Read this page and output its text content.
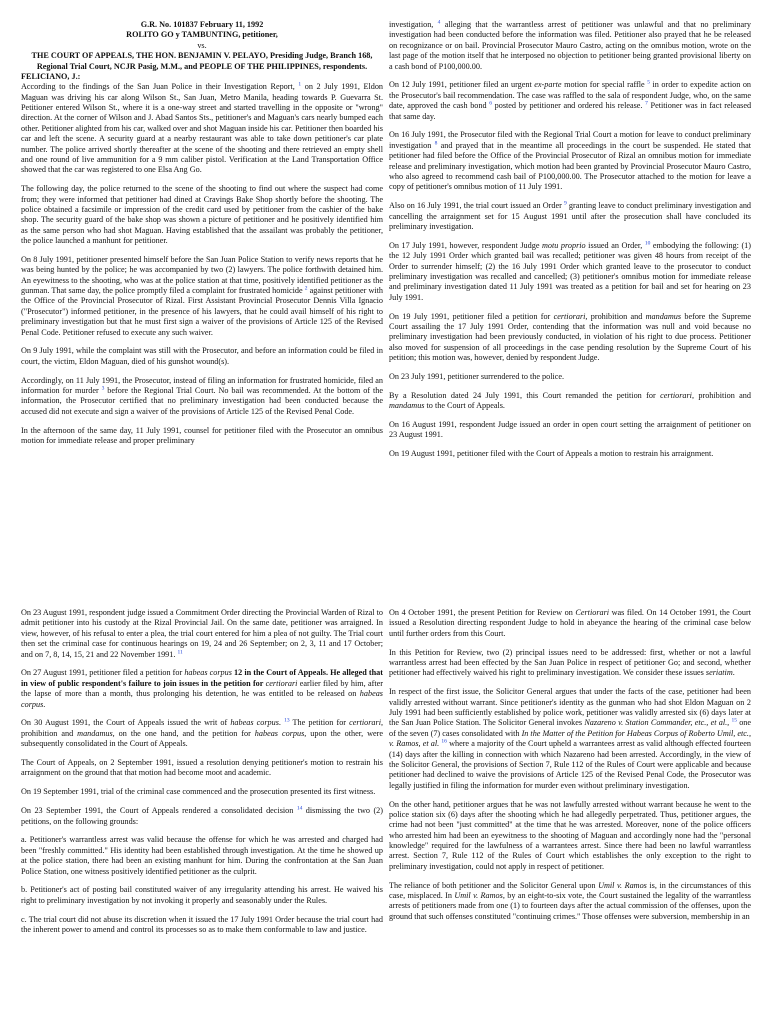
G.R. No. 101837 February 11, 1992

ROLITO GO y TAMBUNTING, petitioner,

vs.

THE COURT OF APPEALS, THE HON. BENJAMIN V. PELAYO, Presiding Judge, Branch 168, Regional Trial Court, NCJR Pasig, M.M., and PEOPLE OF THE PHILIPPINES, respondents.

FELICIANO, J.:

According to the findings of the San Juan Police in their Investigation Report, $^1$ on 2 July 1991, Eldon Maguan was driving his car along Wilson St., San Juan, Metro Manila, heading towards P. Guevarra St. Petitioner entered Wilson St., where it is a one-way street and started travelling in the opposite or "wrong" direction. At the corner of Wilson and J. Abad Santos Sts., petitioner's and Maguan's cars nearly bumped each other. Petitioner alighted from his car, walked over and shot Maguan inside his car. Petitioner then boarded his car and left the scene. A security guard at a nearby restaurant was able to take down petitioner's car plate number. The police arrived shortly thereafter at the scene of the shooting and there retrieved an empty shell and one round of live ammunition for a 9 mm caliber pistol. Verification at the Land Transportation Office showed that the car was registered to one Elsa Ang Go.

The following day, the police returned to the scene of the shooting to find out where the suspect had come from; they were informed that petitioner had dined at Cravings Bake Shop shortly before the shooting. The police obtained a facsimile or impression of the credit card used by petitioner from the cashier of the bake shop. The security guard of the bake shop was shown a picture of petitioner and he positively identified him as the same person who had shot Maguan. Having established that the assailant was probably the petitioner, the police launched a manhunt for petitioner.

On 8 July 1991, petitioner presented himself before the San Juan Police Station to verify news reports that he was being hunted by the police; he was accompanied by two (2) lawyers. The police forthwith detained him. An eyewitness to the shooting, who was at the police station at that time, positively identified petitioner as the gunman. That same day, the police promptly filed a complaint for frustrated homicide $^2$ against petitioner with the Office of the Provincial Prosecutor of Rizal. First Assistant Provincial Prosecutor Dennis Villa Ignacio ("Prosecutor") informed petitioner, in the presence of his lawyers, that he could avail himself of his right to preliminary investigation but that he must first sign a waiver of the provisions of Article 125 of the Revised Penal Code. Petitioner refused to execute any such waiver.

On 9 July 1991, while the complaint was still with the Prosecutor, and before an information could be filed in court, the victim, Eldon Maguan, died of his gunshot wound(s).

Accordingly, on 11 July 1991, the Prosecutor, instead of filing an information for frustrated homicide, filed an information for murder $^3$ before the Regional Trial Court. No bail was recommended. At the bottom of the information, the Prosecutor certified that no preliminary investigation had been conducted because the accused did not execute and sign a waiver of the provisions of Article 125 of the Revised Penal Code.

In the afternoon of the same day, 11 July 1991, counsel for petitioner filed with the Prosecutor an omnibus motion for immediate release and proper preliminary

investigation, $^4$ alleging that the warrantless arrest of petitioner was unlawful and that no preliminary investigation had been conducted before the information was filed. Petitioner also prayed that he be released on recognizance or on bail. Provincial Prosecutor Mauro Castro, acting on the omnibus motion, wrote on the last page of the motion itself that he interposed no objection to petitioner being granted provisional liberty on a cash bond of P100,000.00.

On 12 July 1991, petitioner filed an urgent ex-parte motion for special raffle $^5$ in order to expedite action on the Prosecutor's bail recommendation. The case was raffled to the sala of respondent Judge, who, on the same date, approved the cash bond $^6$ posted by petitioner and ordered his release. $^7$ Petitioner was in fact released that same day.

On 16 July 1991, the Prosecutor filed with the Regional Trial Court a motion for leave to conduct preliminary investigation $^8$ and prayed that in the meantime all proceedings in the court be suspended. He stated that petitioner had filed before the Office of the Provincial Prosecutor of Rizal an omnibus motion for immediate release and preliminary investigation, which motion had been granted by Provincial Prosecutor Mauro Castro, who also agreed to recommend cash bail of P100,000.00. The Prosecutor attached to the motion for leave a copy of petitioner's omnibus motion of 11 July 1991.

Also on 16 July 1991, the trial court issued an Order $^9$ granting leave to conduct preliminary investigation and cancelling the arraignment set for 15 August 1991 until after the prosecution shall have concluded its preliminary investigation.

On 17 July 1991, however, respondent Judge motu proprio issued an Order, $^{10}$ embodying the following: (1) the 12 July 1991 Order which granted bail was recalled; petitioner was given 48 hours from receipt of the Order to surrender himself; (2) the 16 July 1991 Order which granted leave to the prosecutor to conduct preliminary investigation was recalled and cancelled; (3) petitioner's omnibus motion for immediate release and preliminary investigation dated 11 July 1991 was treated as a petition for bail and set for hearing on 23 July 1991.

On 19 July 1991, petitioner filed a petition for certiorari, prohibition and mandamus before the Supreme Court assailing the 17 July 1991 Order, contending that the information was null and void because no preliminary investigation had been previously conducted, in violation of his right to due process. Petitioner also moved for suspension of all proceedings in the case pending resolution by the Supreme Court of his petition; this motion was, however, denied by respondent Judge.

On 23 July 1991, petitioner surrendered to the police.

By a Resolution dated 24 July 1991, this Court remanded the petition for certiorari, prohibition and mandamus to the Court of Appeals.

On 16 August 1991, respondent Judge issued an order in open court setting the arraignment of petitioner on 23 August 1991.

On 19 August 1991, petitioner filed with the Court of Appeals a motion to restrain his arraignment.

On 23 August 1991, respondent judge issued a Commitment Order directing the Provincial Warden of Rizal to admit petitioner into his custody at the Rizal Provincial Jail. On the same date, petitioner was arraigned. In view, however, of his refusal to enter a plea, the trial court entered for him a plea of not guilty. The Trial court then set the criminal case for continuous hearings on 19, 24 and 26 September; on 2, 3, 11 and 17 October; and on 7, 8, 14, 15, 21 and 22 November 1991. $^{11}$

On 27 August 1991, petitioner filed a petition for habeas corpus 12 in the Court of Appeals. He alleged that in view of public respondent's failure to join issues in the petition for certiorari earlier filed by him, after the lapse of more than a month, thus prolonging his detention, he was entitled to be released on habeas corpus.

On 30 August 1991, the Court of Appeals issued the writ of habeas corpus. $^{13}$ The petition for certiorari, prohibition and mandamus, on the one hand, and the petition for habeas corpus, upon the other, were subsequently consolidated in the Court of Appeals.

The Court of Appeals, on 2 September 1991, issued a resolution denying petitioner's motion to restrain his arraignment on the ground that that motion had become moot and academic.

On 19 September 1991, trial of the criminal case commenced and the prosecution presented its first witness.

On 23 September 1991, the Court of Appeals rendered a consolidated decision $^{14}$ dismissing the two (2) petitions, on the following grounds:

a. Petitioner's warrantless arrest was valid because the offense for which he was arrested and charged had been "freshly committed." His identity had been established through investigation. At the time he showed up at the police station, there had been an existing manhunt for him. During the confrontation at the San Juan Police Station, one witness positively identified petitioner as the culprit.

b. Petitioner's act of posting bail constituted waiver of any irregularity attending his arrest. He waived his right to preliminary investigation by not invoking it properly and seasonably under the Rules.

c. The trial court did not abuse its discretion when it issued the 17 July 1991 Order because the trial court had the inherent power to amend and control its processes so as to make them conformable to law and justice.

On 4 October 1991, the present Petition for Review on Certiorari was filed. On 14 October 1991, the Court issued a Resolution directing respondent Judge to hold in abeyance the hearing of the criminal case below until further orders from this Court.

In this Petition for Review, two (2) principal issues need to be addressed: first, whether or not a lawful warrantless arrest had been effected by the San Juan Police in respect of petitioner Go; and second, whether petitioner had effectively waived his right to preliminary investigation. We consider these issues seriatim.

In respect of the first issue, the Solicitor General argues that under the facts of the case, petitioner had been validly arrested without warrant. Since petitioner's identity as the gunman who had shot Eldon Maguan on 2 July 1991 had been sufficiently established by police work, petitioner was validly arrested six (6) days later at the San Juan Police Station. The Solicitor General invokes Nazareno v. Station Commander, etc., et al., $^{15}$ one of the seven (7) cases consolidated with In the Matter of the Petition for Habeas Corpus of Roberto Umil, etc., v. Ramos, et al. $^{16}$ where a majority of the Court upheld a warrantees arrest as valid although effected fourteen (14) days after the killing in connection with which Nazareno had been arrested. Accordingly, in the view of the Solicitor General, the provisions of Section 7, Rule 112 of the Rules of Court were applicable and because petitioner had declined to waive the provisions of Article 125 of the Revised Penal Code, the Prosecutor was legally justified in filing the information for murder even without preliminary investigation.

On the other hand, petitioner argues that he was not lawfully arrested without warrant because he went to the police station six (6) days after the shooting which he had allegedly perpetrated. Thus, petitioner argues, the crime had not been "just committed" at the time that he was arrested. Moreover, none of the police officers who arrested him had been an eyewitness to the shooting of Maguan and accordingly none had the "personal knowledge" required for the lawfulness of a warrantees arrest. Since there had been no lawful warrantless arrest. Section 7, Rule 112 of the Rules of Court which establishes the only exception to the right to preliminary investigation, could not apply in respect of petitioner.

The reliance of both petitioner and the Solicitor General upon Umil v. Ramos is, in the circumstances of this case, misplaced. In Umil v. Ramos, by an eight-to-six vote, the Court sustained the legality of the warrantless arrests of petitioners made from one (1) to fourteen days after the actual commission of the offenses, upon the ground that such offenses constituted "continuing crimes." Those offenses were subversion, membership in an
